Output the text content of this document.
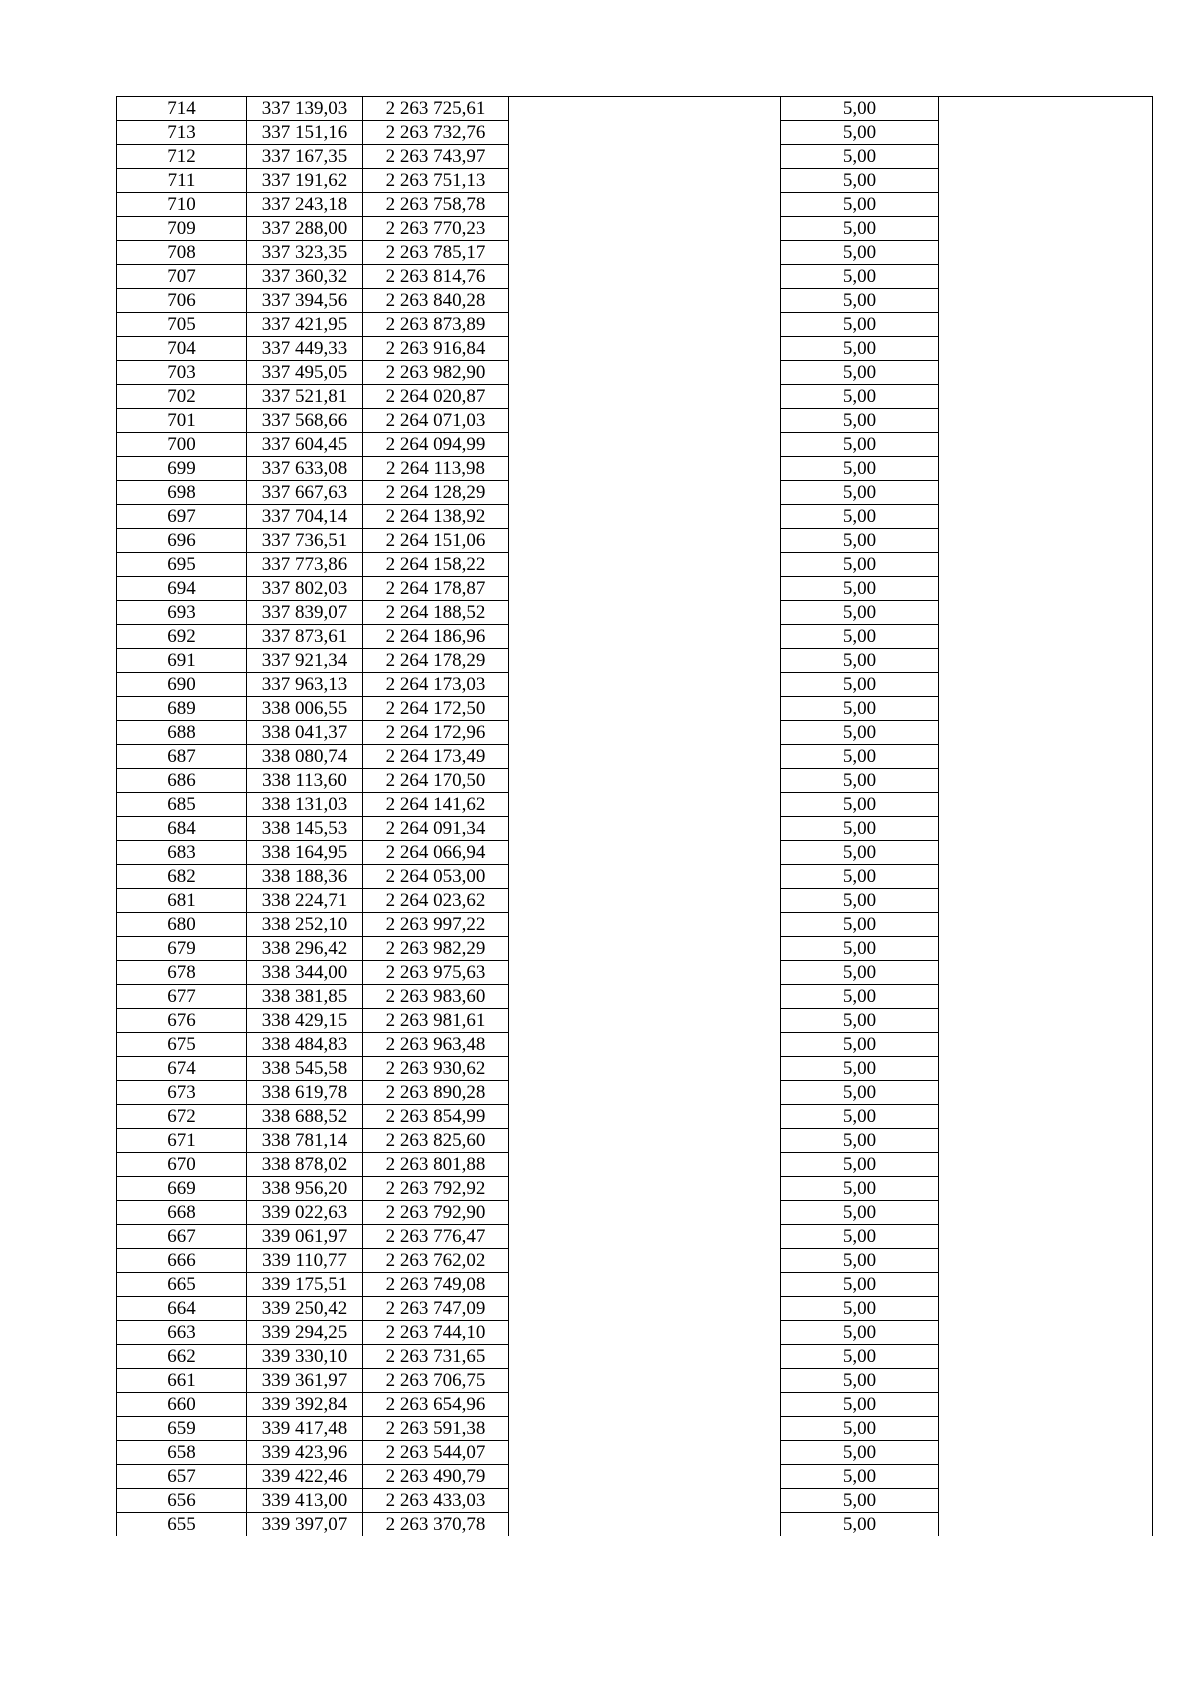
714	337 139,03	2 263 725,61		5,00	
713	337 151,16	2 263 732,76		5,00	
712	337 167,35	2 263 743,97		5,00	
711	337 191,62	2 263 751,13		5,00	
710	337 243,18	2 263 758,78		5,00	
709	337 288,00	2 263 770,23		5,00	
708	337 323,35	2 263 785,17		5,00	
707	337 360,32	2 263 814,76		5,00	
706	337 394,56	2 263 840,28		5,00	
705	337 421,95	2 263 873,89		5,00	
704	337 449,33	2 263 916,84		5,00	
703	337 495,05	2 263 982,90		5,00	
702	337 521,81	2 264 020,87		5,00	
701	337 568,66	2 264 071,03		5,00	
700	337 604,45	2 264 094,99		5,00	
699	337 633,08	2 264 113,98		5,00	
698	337 667,63	2 264 128,29		5,00	
697	337 704,14	2 264 138,92		5,00	
696	337 736,51	2 264 151,06		5,00	
695	337 773,86	2 264 158,22		5,00	
694	337 802,03	2 264 178,87		5,00	
693	337 839,07	2 264 188,52		5,00	
692	337 873,61	2 264 186,96		5,00	
691	337 921,34	2 264 178,29		5,00	
690	337 963,13	2 264 173,03		5,00	
689	338 006,55	2 264 172,50		5,00	
688	338 041,37	2 264 172,96		5,00	
687	338 080,74	2 264 173,49		5,00	
686	338 113,60	2 264 170,50		5,00	
685	338 131,03	2 264 141,62		5,00	
684	338 145,53	2 264 091,34		5,00	
683	338 164,95	2 264 066,94		5,00	
682	338 188,36	2 264 053,00		5,00	
681	338 224,71	2 264 023,62		5,00	
680	338 252,10	2 263 997,22		5,00	
679	338 296,42	2 263 982,29		5,00	
678	338 344,00	2 263 975,63		5,00	
677	338 381,85	2 263 983,60		5,00	
676	338 429,15	2 263 981,61		5,00	
675	338 484,83	2 263 963,48		5,00	
674	338 545,58	2 263 930,62		5,00	
673	338 619,78	2 263 890,28		5,00	
672	338 688,52	2 263 854,99		5,00	
671	338 781,14	2 263 825,60		5,00	
670	338 878,02	2 263 801,88		5,00	
669	338 956,20	2 263 792,92		5,00	
668	339 022,63	2 263 792,90		5,00	
667	339 061,97	2 263 776,47		5,00	
666	339 110,77	2 263 762,02		5,00	
665	339 175,51	2 263 749,08		5,00	
664	339 250,42	2 263 747,09		5,00	
663	339 294,25	2 263 744,10		5,00	
662	339 330,10	2 263 731,65		5,00	
661	339 361,97	2 263 706,75		5,00	
660	339 392,84	2 263 654,96		5,00	
659	339 417,48	2 263 591,38		5,00	
658	339 423,96	2 263 544,07		5,00	
657	339 422,46	2 263 490,79		5,00	
656	339 413,00	2 263 433,03		5,00	
655	339 397,07	2 263 370,78		5,00	
